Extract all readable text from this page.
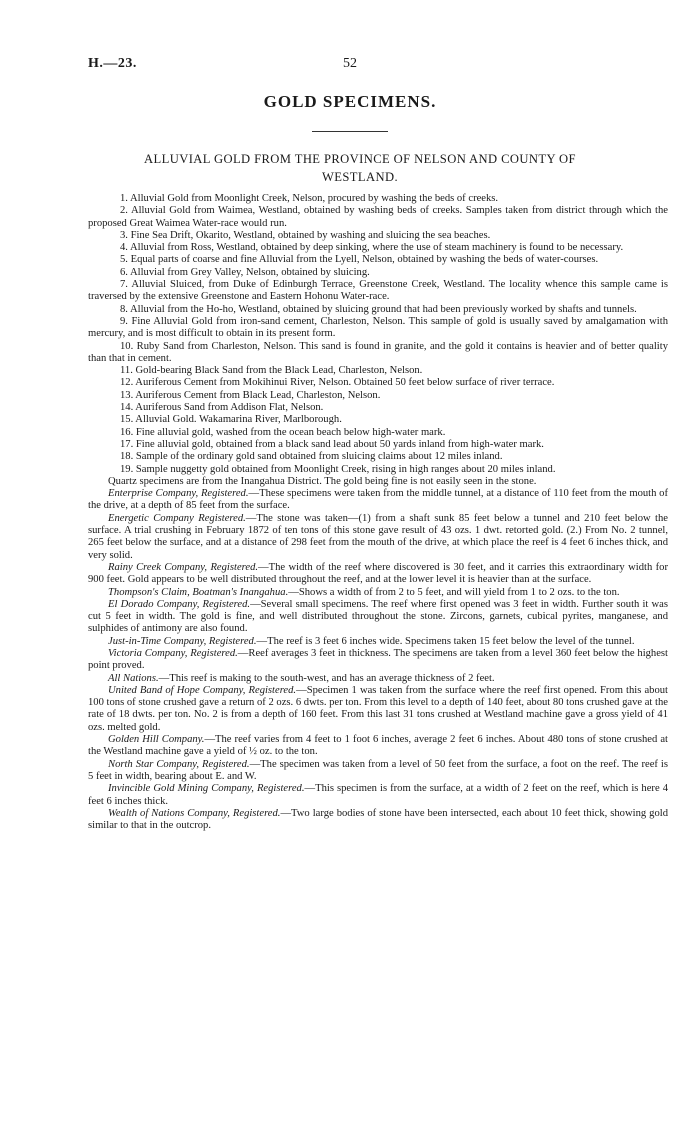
H.—23.	52
GOLD SPECIMENS.
ALLUVIAL GOLD FROM THE PROVINCE OF NELSON AND COUNTY OF
WESTLAND.

1. Alluvial Gold from Moonlight Creek, Nelson, procured by washing the beds of creeks.

2. Alluvial Gold from Waimea, Westland, obtained by washing beds of creeks. Samples taken from district through which the proposed Great Waimea Water-race would run.

3. Fine Sea Drift, Okarito, Westland, obtained by washing and sluicing the sea beaches.

4. Alluvial from Ross, Westland, obtained by deep sinking, where the use of steam machinery is found to be necessary.

5. Equal parts of coarse and fine Alluvial from the Lyell, Nelson, obtained by washing the beds of water-courses.

6. Alluvial from Grey Valley, Nelson, obtained by sluicing.

7. Alluvial Sluiced, from Duke of Edinburgh Terrace, Greenstone Creek, Westland. The locality whence this sample came is traversed by the extensive Greenstone and Eastern Hohonu Water-race.

8. Alluvial from the Ho-ho, Westland, obtained by sluicing ground that had been previously worked by shafts and tunnels.

9. Fine Alluvial Gold from iron-sand cement, Charleston, Nelson. This sample of gold is usually saved by amalgamation with mercury, and is most difficult to obtain in its present form.

10. Ruby Sand from Charleston, Nelson. This sand is found in granite, and the gold it contains is heavier and of better quality than that in cement.

11. Gold-bearing Black Sand from the Black Lead, Charleston, Nelson.

12. Auriferous Cement from Mokihinui River, Nelson. Obtained 50 feet below surface of river terrace.

13. Auriferous Cement from Black Lead, Charleston, Nelson.

14. Auriferous Sand from Addison Flat, Nelson.

15. Alluvial Gold. Wakamarina River, Marlborough.

16. Fine alluvial gold, washed from the ocean beach below high-water mark.

17. Fine alluvial gold, obtained from a black sand lead about 50 yards inland from high-water mark.

18. Sample of the ordinary gold sand obtained from sluicing claims about 12 miles inland.

19. Sample nuggetty gold obtained from Moonlight Creek, rising in high ranges about 20 miles inland.

Quartz specimens are from the Inangahua District. The gold being fine is not easily seen in the stone.

Enterprise Company, Registered.—These specimens were taken from the middle tunnel, at a distance of 110 feet from the mouth of the drive, at a depth of 85 feet from the surface.

Energetic Company Registered.—The stone was taken—(1) from a shaft sunk 85 feet below a tunnel and 210 feet below the surface. A trial crushing in February 1872 of ten tons of this stone gave result of 43 ozs. 1 dwt. retorted gold. (2.) From No. 2 tunnel, 265 feet below the surface, and at a distance of 298 feet from the mouth of the drive, at which place the reef is 4 feet 6 inches thick, and very solid.

Rainy Creek Company, Registered.—The width of the reef where discovered is 30 feet, and it carries this extraordinary width for 900 feet. Gold appears to be well distributed throughout the reef, and at the lower level it is heavier than at the surface.

Thompson's Claim, Boatman's Inangahua.—Shows a width of from 2 to 5 feet, and will yield from 1 to 2 ozs. to the ton.

El Dorado Company, Registered.—Several small specimens. The reef where first opened was 3 feet in width. Further south it was cut 5 feet in width. The gold is fine, and well distributed throughout the stone. Zircons, garnets, cubical pyrites, manganese, and sulphides of antimony are also found.

Just-in-Time Company, Registered.—The reef is 3 feet 6 inches wide. Specimens taken 15 feet below the level of the tunnel.

Victoria Company, Registered.—Reef averages 3 feet in thickness. The specimens are taken from a level 360 feet below the highest point proved.

All Nations.—This reef is making to the south-west, and has an average thickness of 2 feet.

United Band of Hope Company, Registered.—Specimen 1 was taken from the surface where the reef first opened. From this about 100 tons of stone crushed gave a return of 2 ozs. 6 dwts. per ton. From this level to a depth of 140 feet, about 80 tons crushed gave at the rate of 18 dwts. per ton. No. 2 is from a depth of 160 feet. From this last 31 tons crushed at Westland machine gave a gross yield of 41 ozs. melted gold.

Golden Hill Company.—The reef varies from 4 feet to 1 foot 6 inches, average 2 feet 6 inches. About 480 tons of stone crushed at the Westland machine gave a yield of ½ oz. to the ton.

North Star Company, Registered.—The specimen was taken from a level of 50 feet from the surface, a foot on the reef. The reef is 5 feet in width, bearing about E. and W.

Invincible Gold Mining Company, Registered.—This specimen is from the surface, at a width of 2 feet on the reef, which is here 4 feet 6 inches thick.

Wealth of Nations Company, Registered.—Two large bodies of stone have been intersected, each about 10 feet thick, showing gold similar to that in the outcrop.
